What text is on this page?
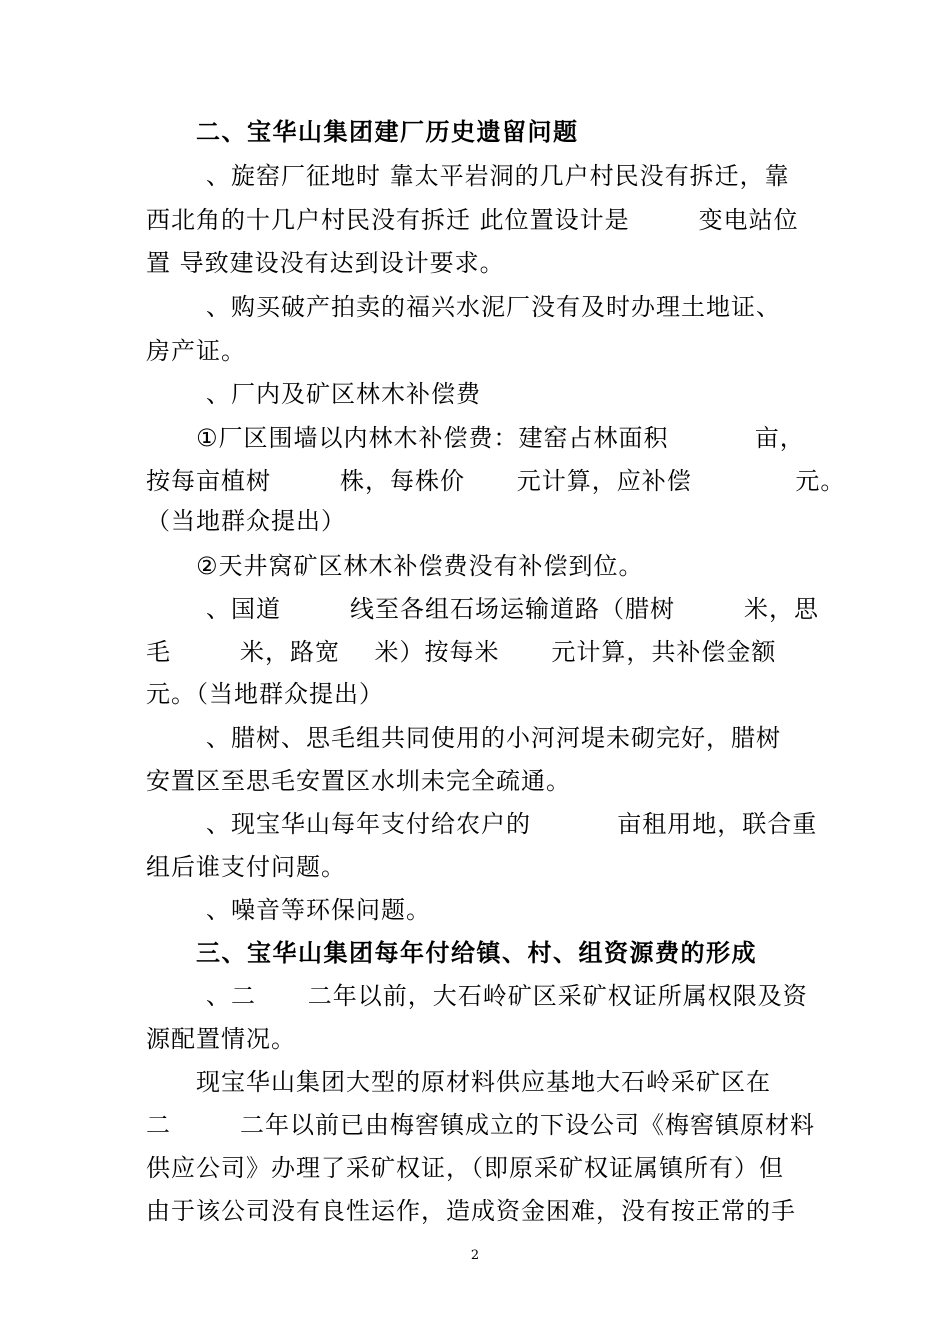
二、宝华山集团建厂历史遗留问题
、旋窑厂征地时 靠太平岩洞的几户村民没有拆迁，靠
西北角的十几户村民没有拆迁 此位置设计是        变电站位
置 导致建设没有达到设计要求。
、购买破产拍卖的福兴水泥厂没有及时办理土地证、
房产证。
、厂内及矿区林木补偿费
①厂区围墙以内林木补偿费：建窑占林面积          亩，
按每亩植树        株，每株价      元计算，应补偿            元。
（当地群众提出）
②天井窝矿区林木补偿费没有补偿到位。
、国道        线至各组石场运输道路（腊树        米，思
毛        米，路宽    米）按每米      元计算，共补偿金额
元。（当地群众提出）
、腊树、思毛组共同使用的小河河堤未砌完好，腊树
安置区至思毛安置区水圳未完全疏通。
、现宝华山每年支付给农户的          亩租用地，联合重
组后谁支付问题。
、噪音等环保问题。
三、宝华山集团每年付给镇、村、组资源费的形成
、二      二年以前，大石岭矿区采矿权证所属权限及资
源配置情况。
现宝华山集团大型的原材料供应基地大石岭采矿区在
二        二年以前已由梅窖镇成立的下设公司《梅窖镇原材料
供应公司》办理了采矿权证，（即原采矿权证属镇所有）但
由于该公司没有良性运作，造成资金困难，没有按正常的手
2
